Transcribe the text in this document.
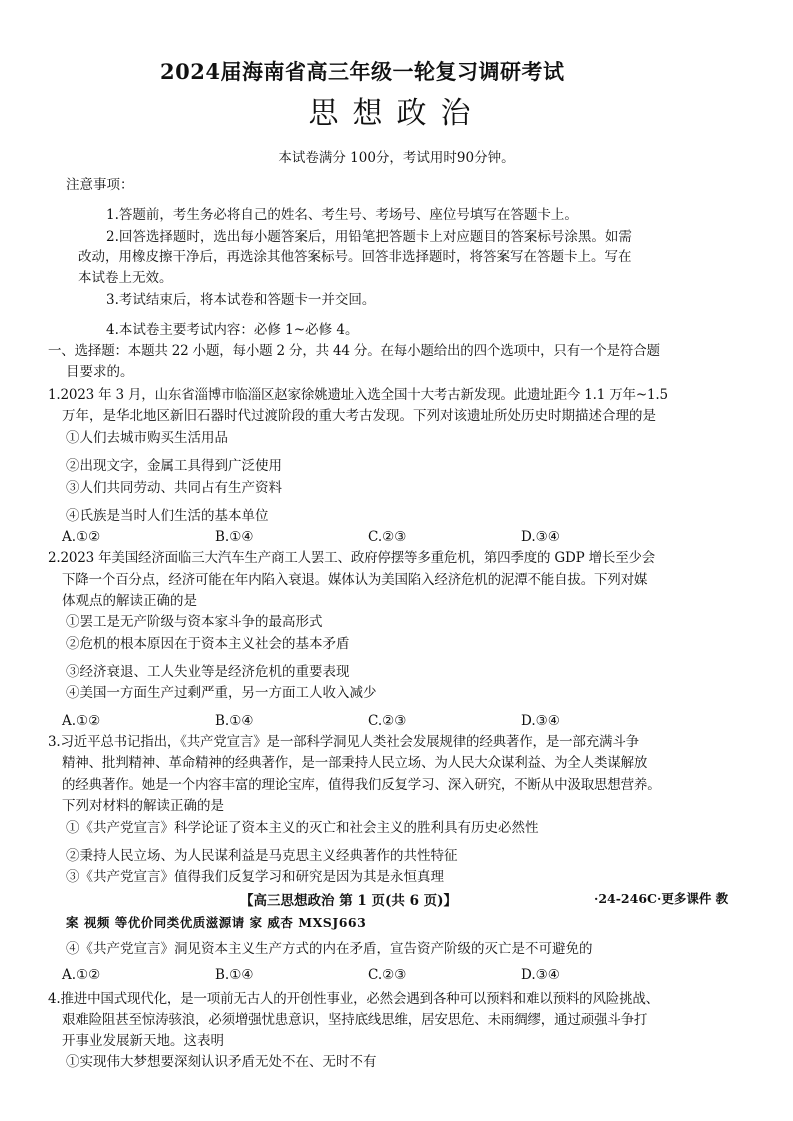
2024届海南省高三年级一轮复习调研考试
思想政治
本试卷满分 100分，考试用时90分钟。
注意事项：
1.答题前，考生务必将自己的姓名、考生号、考场号、座位号填写在答题卡上。
2.回答选择题时，选出每小题答案后，用铅笔把答题卡上对应题目的答案标号涂黑。如需
改动，用橡皮擦干净后，再选涂其他答案标号。回答非选择题时，将答案写在答题卡上。写在
本试卷上无效。
3.考试结束后，将本试卷和答题卡一并交回。
4.本试卷主要考试内容：必修 1~必修 4。
一、选择题：本题共 22 小题，每小题 2 分，共 44 分。在每小题给出的四个选项中，只有一个是符合题
目要求的。
1.2023 年 3 月，山东省淄博市临淄区赵家徐姚遗址入选全国十大考古新发现。此遗址距今 1.1 万年~1.5
万年，是华北地区新旧石器时代过渡阶段的重大考古发现。下列对该遗址所处历史时期描述合理的是
①人们去城市购买生活用品
②出现文字，金属工具得到广泛使用
③人们共同劳动、共同占有生产资料
④氏族是当时人们生活的基本单位
A.①②	B.①④	C.②③	D.③④
2.2023 年美国经济面临三大汽车生产商工人罢工、政府停摆等多重危机，第四季度的 GDP 增长至少会
下降一个百分点，经济可能在年内陷入衰退。媒体认为美国陷入经济危机的泥潭不能自拔。下列对媒
体观点的解读正确的是
①罢工是无产阶级与资本家斗争的最高形式
②危机的根本原因在于资本主义社会的基本矛盾
③经济衰退、工人失业等是经济危机的重要表现
④美国一方面生产过剩严重，另一方面工人收入减少
A.①②	B.①④	C.②③	D.③④
3.习近平总书记指出，《共产党宣言》是一部科学洞见人类社会发展规律的经典著作，是一部充满斗争
精神、批判精神、革命精神的经典著作，是一部秉持人民立场、为人民大众谋利益、为全人类谋解放
的经典著作。她是一个内容丰富的理论宝库，值得我们反复学习、深入研究，不断从中汲取思想营养。
下列对材料的解读正确的是
①《共产党宣言》科学论证了资本主义的灭亡和社会主义的胜利具有历史必然性
②秉持人民立场、为人民谋利益是马克思主义经典著作的共性特征
③《共产党宣言》值得我们反复学习和研究是因为其是永恒真理
【高三思想政治 第 1 页(共 6 页)】	·24-246C·更多课件 教
案 视频 等优价同类优质滋源请 家 威杏 MXSJ663
④《共产党宣言》洞见资本主义生产方式的内在矛盾，宣告资产阶级的灭亡是不可避免的
A.①②	B.①④	C.②③	D.③④
4.推进中国式现代化，是一项前无古人的开创性事业，必然会遇到各种可以预料和难以预料的风险挑战、
艰难险阻甚至惊涛骇浪，必须增强忧患意识，坚持底线思维，居安思危、未雨绸缪，通过顽强斗争打
开事业发展新天地。这表明
①实现伟大梦想要深刻认识矛盾无处不在、无时不有
